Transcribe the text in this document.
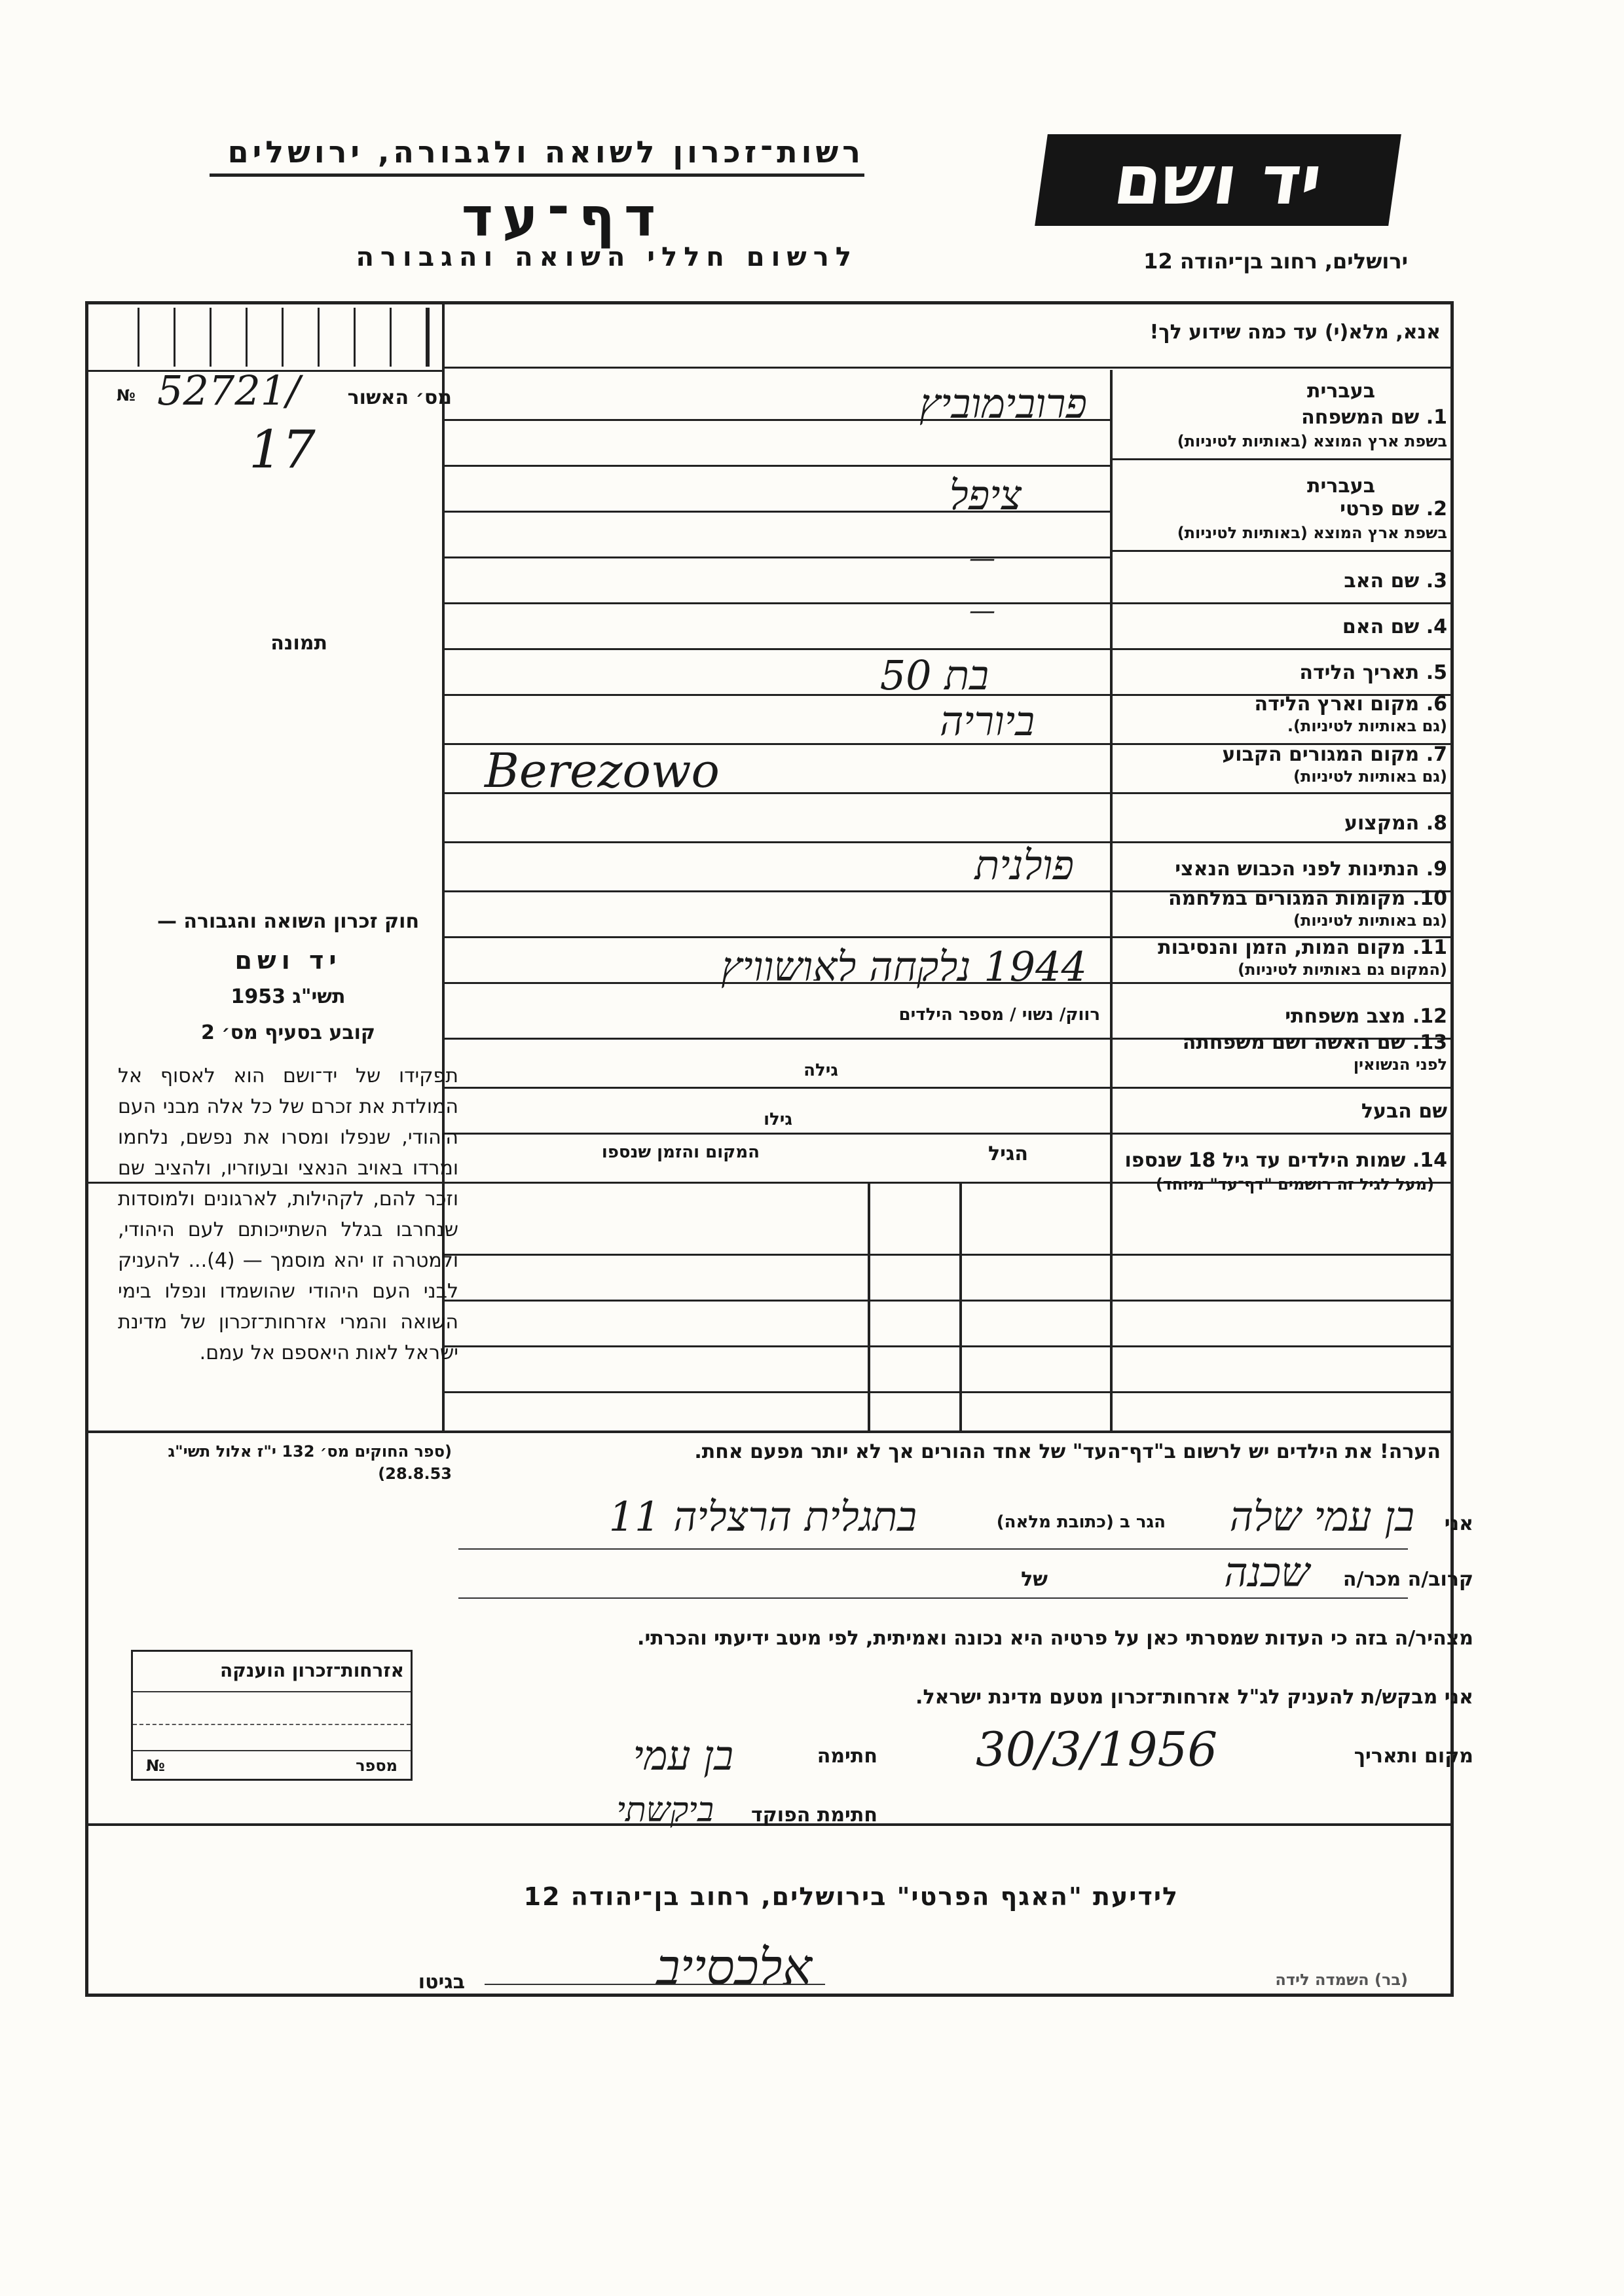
רשות־זכרון לשואה ולגבורה, ירושלים
דף־עד
לרשום חללי השואה והגבורה
יד ושם
ירושלים, רחוב בן־יהודה 12
אנא, מלא(י) עד כמה שידוע לך!
מס׳ האשור
№ 52721/
17
תמונה
בעברית
בעברית
1. שם המשפחה
בשפת ארץ המוצא (באותיות לטיניות)
2. שם פרטי
בשפת ארץ המוצא (באותיות לטיניות)
3. שם האב
4. שם האם
5. תאריך הלידה
6. מקום וארץ הלידה
(גם באותיות לטיניות).
7. מקום המגורים הקבוע
(גם באותיות לטיניות)
8. המקצוע
9. הנתינות לפני הכבוש הנאצי
10. מקומות המגורים במלחמה
(גם באותיות לטיניות)
11. מקום המות, הזמן והנסיבות
(המקום גם באותיות לטיניות)
12. מצב משפחתי
13. שם האשה ושם משפחתה
לפני הנשואין
שם הבעל
פרובימוביץ
ציפל
—
—
בת 50
ביוריה
Berezowo
פולנית
1944 נלקחה לאושוויץ
רווק/ נשוי / מספר הילדים
גילה
גילו
14. שמות הילדים עד גיל 18 שנספו
(מעל לגיל זה רושמים "דף־עד" מיוחד)
הגיל
המקום והזמן שנספו
הערה! את הילדים יש לרשום ב"דף־העד" של אחד ההורים אך לא יותר מפעם אחת.
אני
בן עמי שלה
הגר ב (כתובת מלאה)
בתגלית הרצליה 11
קרוב/ה מכר/ה
שכנה
של
מצהיר/ה בזה כי העדות שמסרתי כאן על פרטיה היא נכונה ואמיתית, לפי מיטב ידיעתי והכרתי.
אני מבקש/ת להעניק לג"ל אזרחות־זכרון מטעם מדינת ישראל.
מקום ותאריך
30/3/1956
חתימה
בן עמי
חתימת הפוקד
ביקשתי
חוק זכרון השואה והגבורה —
יד ושם
תשי"ג 1953
קובע בסעיף מס׳ 2
תפקידו של יד־ושם הוא לאסוף אל המולדת את זכרם של כל אלה מבני העם היהודי, שנפלו ומסרו את נפשם, נלחמו ומרדו באויב הנאצי ובעוזריו, ולהציב שם וזכר להם, לקהילות, לארגונים ולמוסדות שנחרבו בגלל השתייכותם לעם היהודי, ולמטרה זו יהא מוסמך — (4)... להעניק לבני העם היהודי שהושמדו ונפלו בימי השואה והמרי אזרחות־זכרון של מדינת ישראל לאות היאספם אל עמם.
(ספר החוקים מס׳ 132 י"ז אלול תשי"ג 28.8.53)
אזרחות־זכרון הוענקה
מספר
№
לידיעת "האגף הפרטי" בירושלים, רחוב בן־יהודה 12
אלכסייב
בגיטו	(בר) השמדה לידה
